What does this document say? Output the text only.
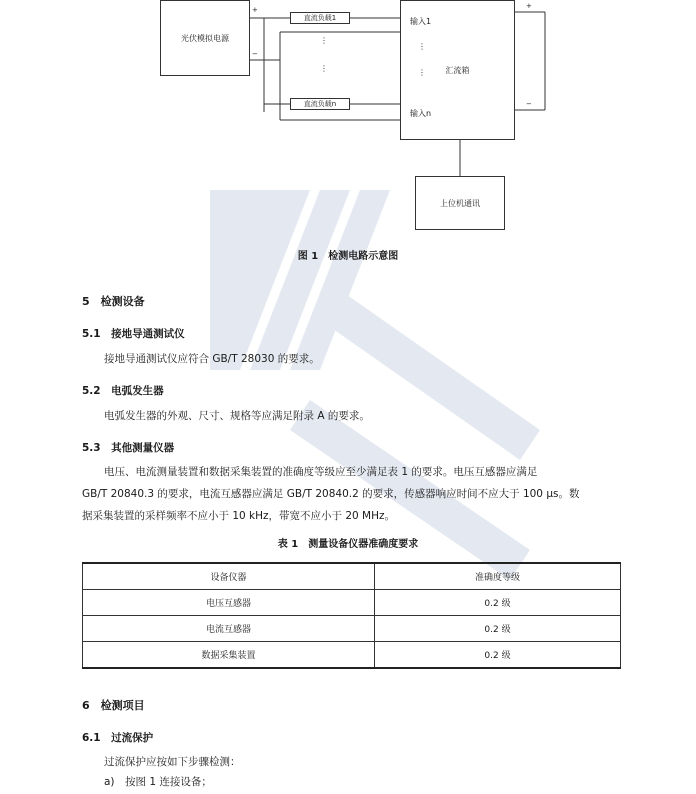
光伏模拟电源
+
−
直流负载1
直流负载n
⋮
⋮	汇流箱
输入1
输入n
⋮
⋮
+
−
上位机通讯
图 1　检测电路示意图
5　 检测设备
5.1　 接地导通测试仪
接地导通测试仪应符合 GB/T 28030 的要求。
5.2　 电弧发生器
电弧发生器的外观、尺寸、规格等应满足附录 A 的要求。
5.3　 其他测量仪器
电压、电流测量装置和数据采集装置的准确度等级应至少满足表 1 的要求。电压互感器应满足
GB/T 20840.3 的要求，电流互感器应满足 GB/T 20840.2 的要求，传感器响应时间不应大于 100 μs。数
据采集装置的采样频率不应小于 10 kHz，带宽不应小于 20 MHz。
表 1　测量设备仪器准确度要求
设备仪器	准确度等级
电压互感器	0.2 级
电流互感器	0.2 级
数据采集装置	0.2 级
6　 检测项目
6.1　 过流保护
过流保护应按如下步骤检测：
a)　按图 1 连接设备；
